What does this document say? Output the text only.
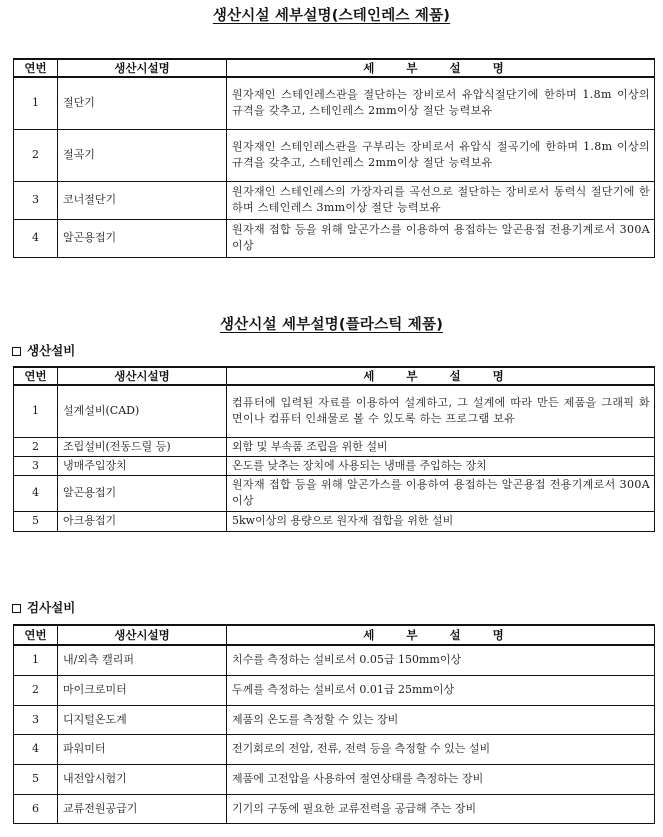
생산시설 세부설명(스테인레스 제품)
연번	생산시설명	세 부 설 명
1	절단기	원자재인 스테인레스관을 절단하는 장비로서 유압식절단기에 한하며 1.8m 이상의 규격을 갖추고, 스테인레스 2mm이상 절단 능력보유
2	절곡기	원자재인 스테인레스관을 구부리는 장비로서 유압식 절곡기에 한하며 1.8m 이상의 규격을 갖추고, 스테인레스 2mm이상 절단 능력보유
3	코너절단기	원자재인 스테인레스의 가장자리를 곡선으로 절단하는 장비로서 동력식 절단기에 한하며 스테인레스 3mm이상 절단 능력보유
4	알곤용접기	원자재 접합 등을 위해 알곤가스를 이용하여 용접하는 알곤용접 전용기계로서 300A이상
생산시설 세부설명(플라스틱 제품)
생산설비
연번	생산시설명	세 부 설 명
1	설계설비(CAD)	컴퓨터에 입력된 자료를 이용하여 설계하고, 그 설계에 따라 만든 제품을 그래픽 화면이나 컴퓨터 인쇄물로 볼 수 있도록 하는 프로그램 보유
2	조립설비(전동드릴 등)	외함 및 부속품 조립을 위한 설비
3	냉매주입장치	온도를 낮추는 장치에 사용되는 냉매를 주입하는 장치
4	알곤용접기	원자재 접합 등을 위해 알곤가스를 이용하여 용접하는 알곤용접 전용기계로서 300A이상
5	아크용접기	5kw이상의 용량으로 원자재 접합을 위한 설비
검사설비
연번	생산시설명	세 부 설 명
1	내/외측 캘리퍼	치수를 측정하는 설비로서 0.05급 150mm이상
2	마이크로미터	두께를 측정하는 설비로서 0.01급 25mm이상
3	디지털온도계	제품의 온도를 측정할 수 있는 장비
4	파워미터	전기회로의 전압, 전류, 전력 등을 측정할 수 있는 설비
5	내전압시험기	제품에 고전압을 사용하여 절연상태를 측정하는 장비
6	교류전원공급기	기기의 구동에 필요한 교류전력을 공급해 주는 장비
